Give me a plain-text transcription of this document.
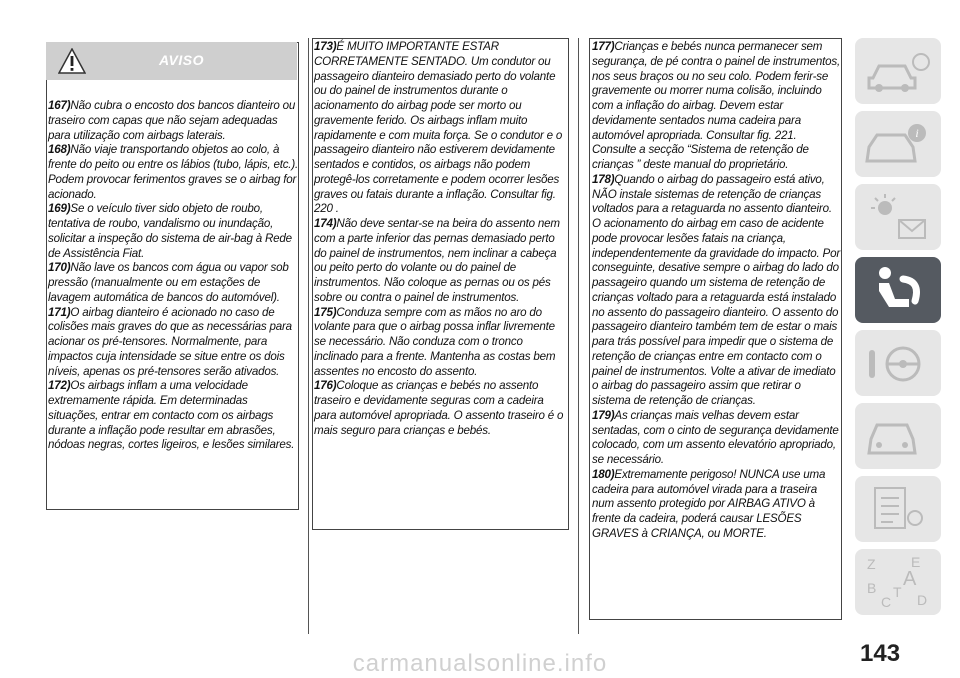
AVISO

167)Não cubra o encosto dos bancos dianteiro ou traseiro com capas que não sejam adequadas para utilização com airbags laterais.

168)Não viaje transportando objetos ao colo, à frente do peito ou entre os lábios (tubo, lápis, etc.). Podem provocar ferimentos graves se o airbag for acionado.

169)Se o veículo tiver sido objeto de roubo, tentativa de roubo, vandalismo ou inundação, solicitar a inspeção do sistema de air-bag à Rede de Assistência Fiat.

170)Não lave os bancos com água ou vapor sob pressão (manualmente ou em estações de lavagem automática de bancos do automóvel).

171)O airbag dianteiro é acionado no caso de colisões mais graves do que as necessárias para acionar os pré-tensores. Normalmente, para impactos cuja intensidade se situe entre os dois níveis, apenas os pré-tensores serão ativados.

172)Os airbags inflam a uma velocidade extremamente rápida. Em determinadas situações, entrar em contacto com os airbags durante a inflação pode resultar em abrasões, nódoas negras, cortes ligeiros, e lesões similares.

173)É MUITO IMPORTANTE ESTAR CORRETAMENTE SENTADO. Um condutor ou passageiro dianteiro demasiado perto do volante ou do painel de instrumentos durante o acionamento do airbag pode ser morto ou gravemente ferido. Os airbags inflam muito rapidamente e com muita força. Se o condutor e o passageiro dianteiro não estiverem devidamente sentados e contidos, os airbags não podem protegê-los corretamente e podem ocorrer lesões graves ou fatais durante a inflação. Consultar fig. 220 .

174)Não deve sentar-se na beira do assento nem com a parte inferior das pernas demasiado perto do painel de instrumentos, nem inclinar a cabeça ou peito perto do volante ou do painel de instrumentos. Não coloque as pernas ou os pés sobre ou contra o painel de instrumentos.

175)Conduza sempre com as mãos no aro do volante para que o airbag possa inflar livremente se necessário. Não conduza com o tronco inclinado para a frente. Mantenha as costas bem assentes no encosto do assento.

176)Coloque as crianças e bebés no assento traseiro e devidamente seguras com a cadeira para automóvel apropriada. O assento traseiro é o mais seguro para crianças e bebés.

177)Crianças e bebés nunca permanecer sem segurança, de pé contra o painel de instrumentos, nos seus braços ou no seu colo. Podem ferir-se gravemente ou morrer numa colisão, incluindo com a inflação do airbag. Devem estar devidamente sentados numa cadeira para automóvel apropriada. Consultar fig. 221. Consulte a secção “Sistema de retenção de crianças ” deste manual do proprietário.

178)Quando o airbag do passageiro está ativo, NÃO instale sistemas de retenção de crianças voltados para a retaguarda no assento dianteiro. O acionamento do airbag em caso de acidente pode provocar lesões fatais na criança, independentemente da gravidade do impacto. Por conseguinte, desative sempre o airbag do lado do passageiro quando um sistema de retenção de crianças voltado para a retaguarda está instalado no assento do passageiro dianteiro. O assento do passageiro dianteiro também tem de estar o mais para trás possível para impedir que o sistema de retenção de crianças entre em contacto com o painel de instrumentos. Volte a ativar de imediato o airbag do passageiro assim que retirar o sistema de retenção de crianças.

179)As crianças mais velhas devem estar sentadas, com o cinto de segurança devidamente colocado, com um assento elevatório apropriado, se necessário.

180)Extremamente perigoso! NUNCA use uma cadeira para automóvel virada para a traseira num assento protegido por AIRBAG ATIVO à frente da cadeira, poderá causar LESÕES GRAVES à CRIANÇA, ou MORTE.

i
Z	E
A
B
C
T D
carmanualsonline.info	143
